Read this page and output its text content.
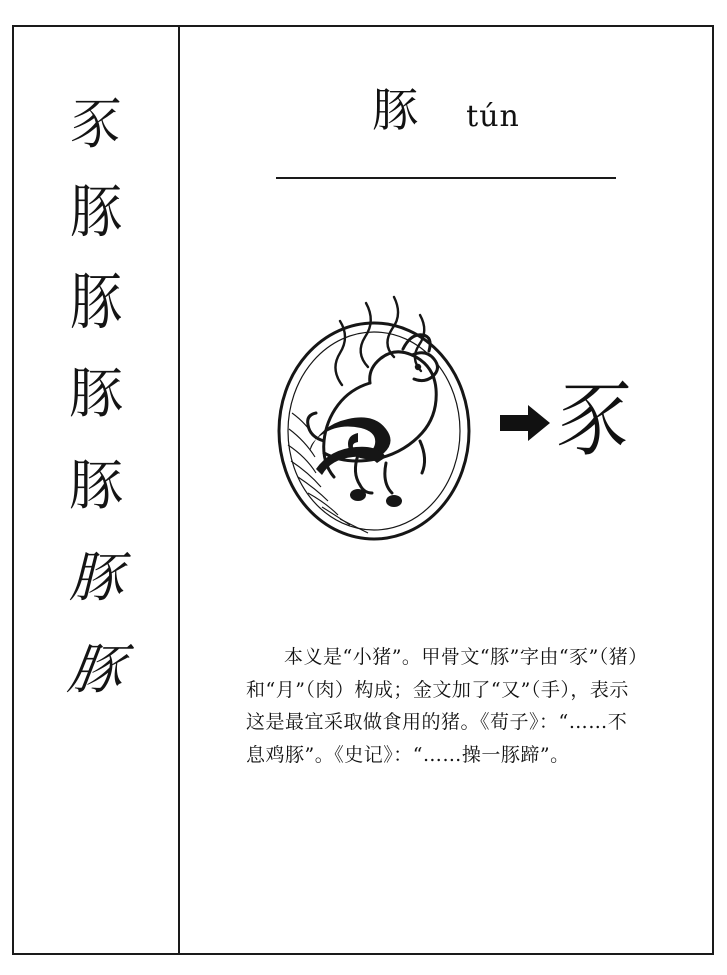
豕
豚
豚
豚
豚
豚
豚
豚 tún
豕
本义是“小猪”。甲骨文“豚”字由“豕”（猪）和“月”（肉）构成；金文加了“又”（手），表示这是最宜采取做食用的猪。《荀子》：“……不息鸡豚”。《史记》：“……操一豚蹄”。
